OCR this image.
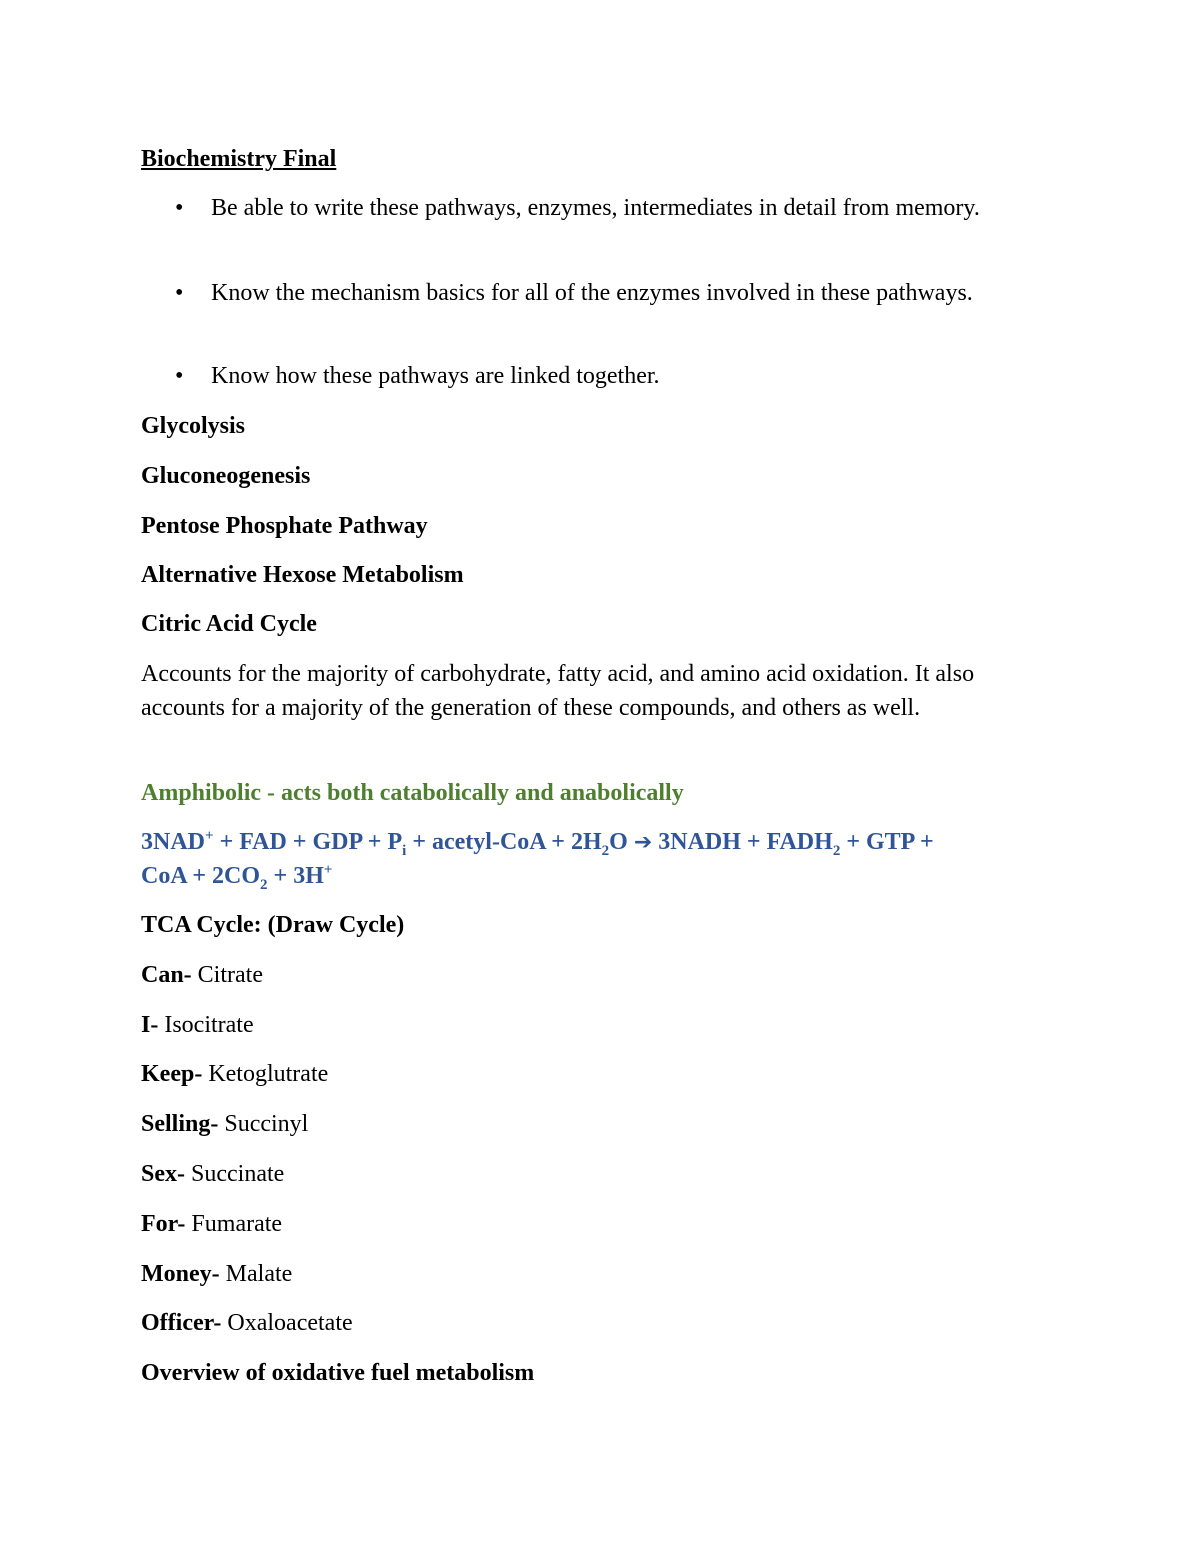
Biochemistry Final
• Be able to write these pathways, enzymes, intermediates in detail from memory.
• Know the mechanism basics for all of the enzymes involved in these pathways.
• Know how these pathways are linked together.
Glycolysis
Gluconeogenesis
Pentose Phosphate Pathway
Alternative Hexose Metabolism
Citric Acid Cycle
Accounts for the majority of carbohydrate, fatty acid, and amino acid oxidation. It also accounts for a majority of the generation of these compounds, and others as well.
Amphibolic - acts both catabolically and anabolically
3NAD+ + FAD + GDP + $P_i$ + acetyl-CoA + $2H_2O$ ➔ 3NADH + $FADH_2$ + GTP +
CoA + $2CO_2 + 3H^+$
TCA Cycle: (Draw Cycle)
Can- Citrate
I- Isocitrate
Keep- Ketoglutrate
Selling- Succinyl
Sex- Succinate
For- Fumarate
Money- Malate
Officer- Oxaloacetate
Overview of oxidative fuel metabolism
